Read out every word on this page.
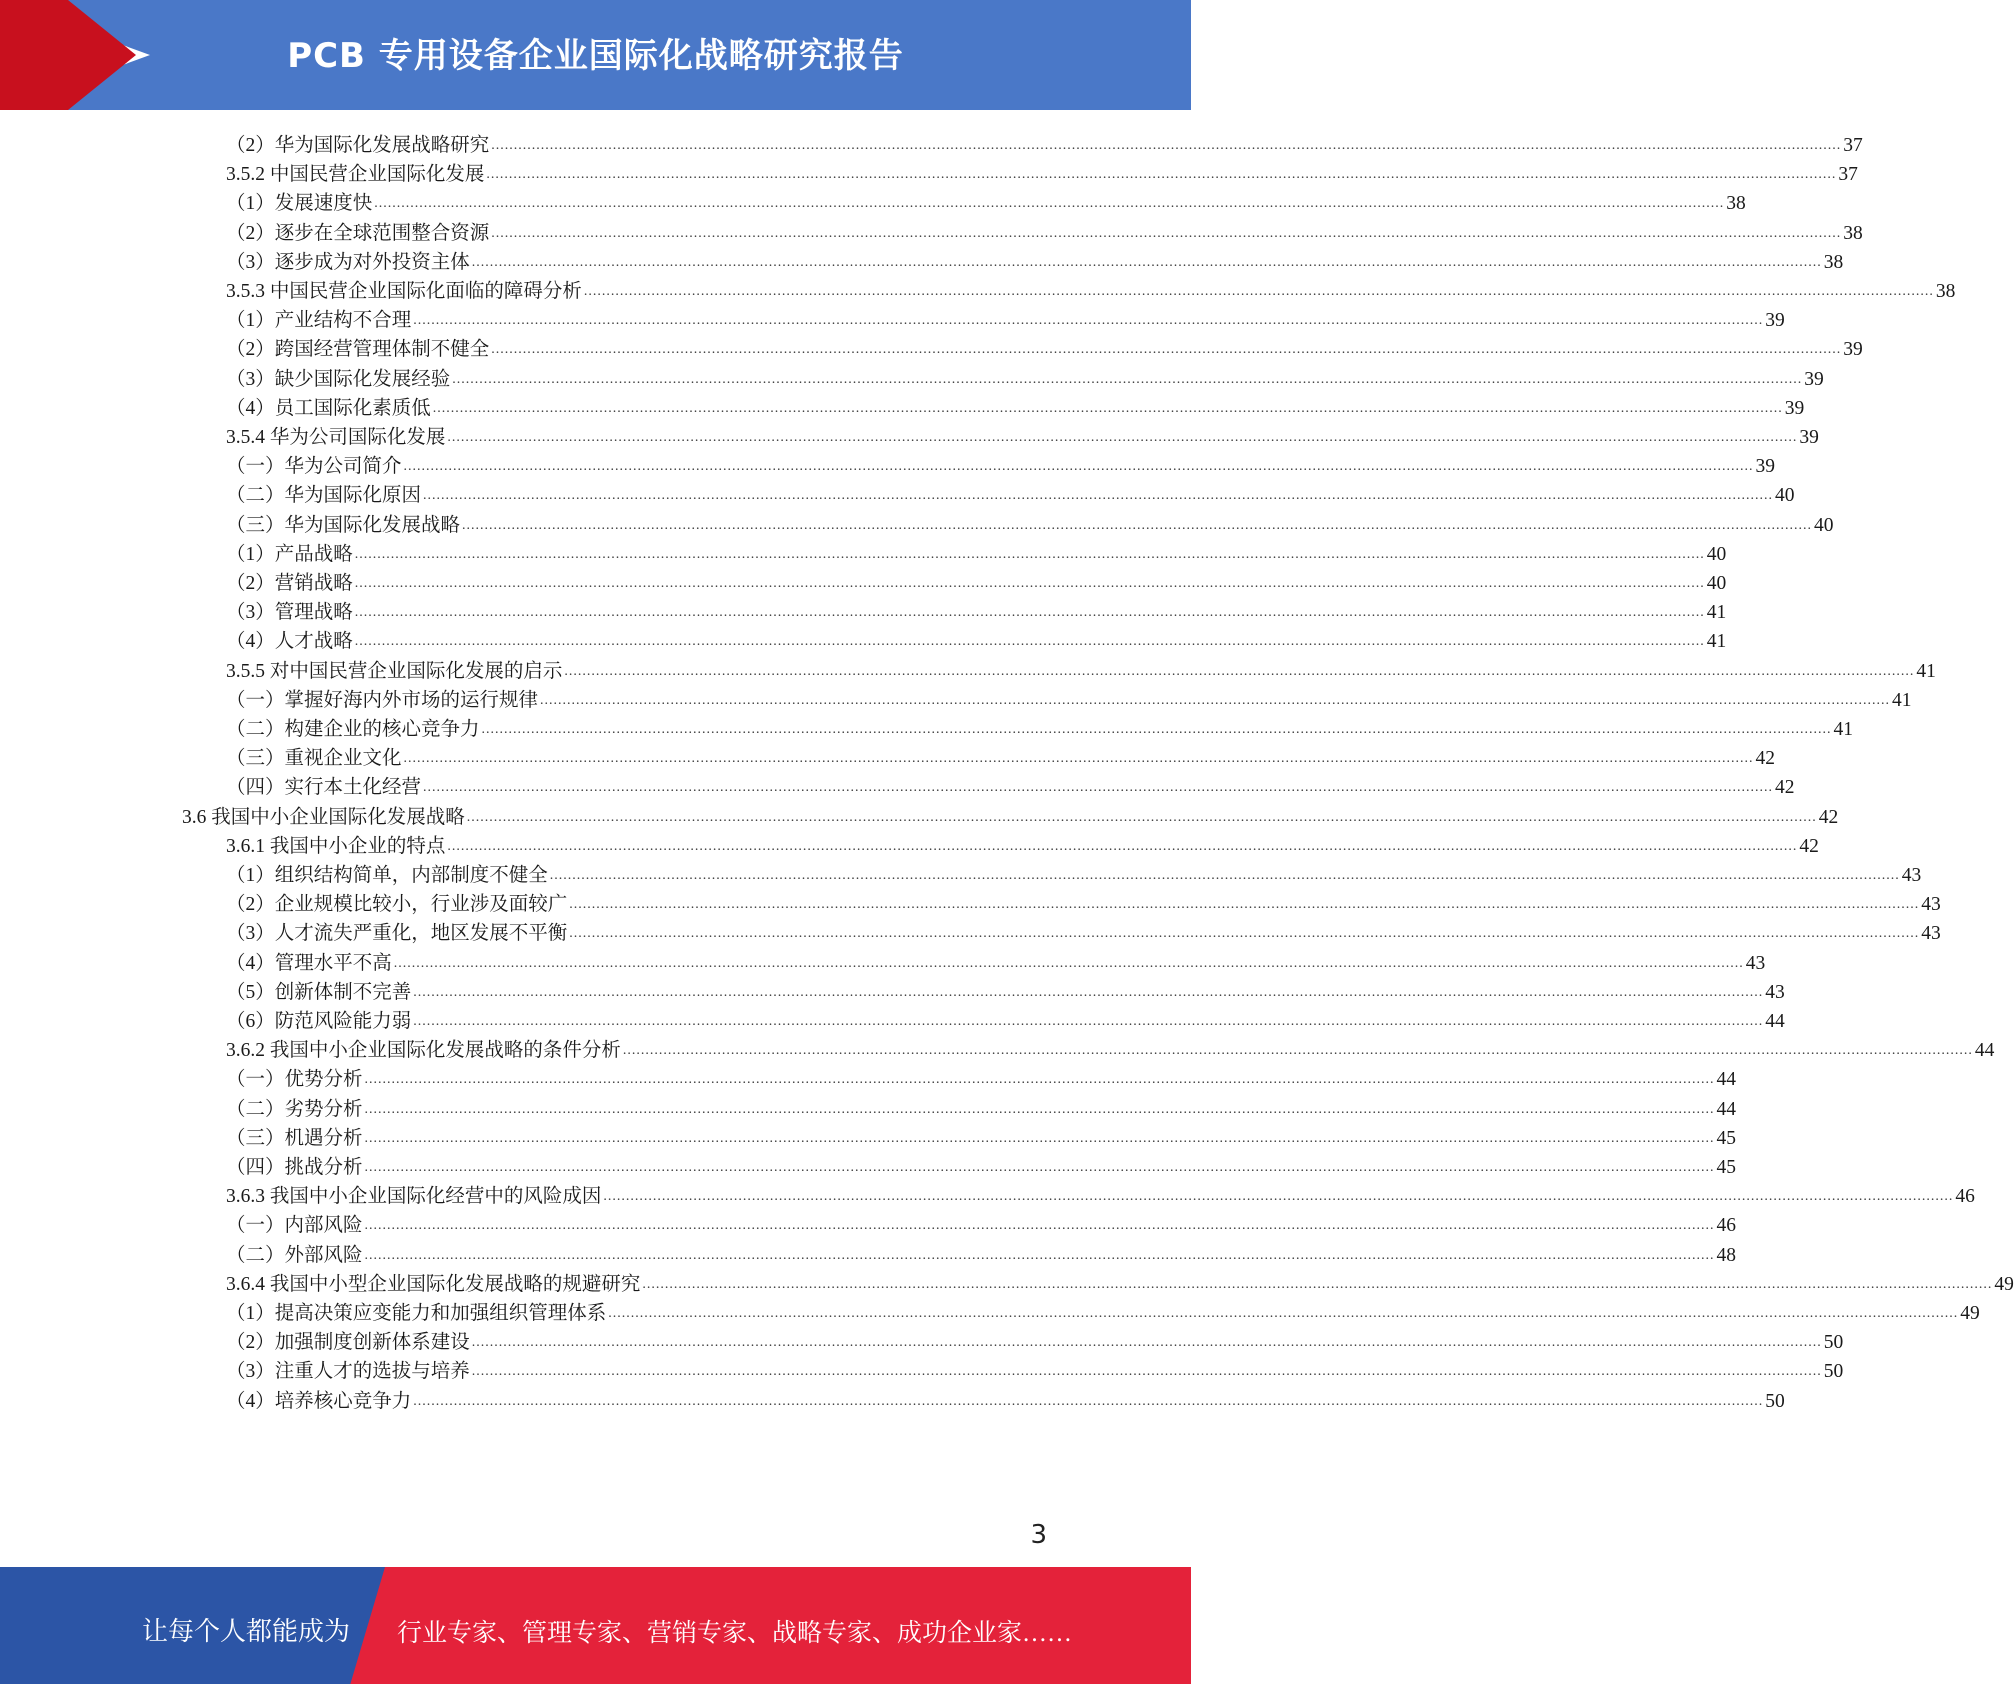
PCB 专用设备企业国际化战略研究报告
（2）华为国际化发展战略研究 ............................................................................................................................................................................................................................................................................................................ 37
3.5.2 中国民营企业国际化发展 ............................................................................................................................................................................................................................................................................................................ 37
（1）发展速度快 ............................................................................................................................................................................................................................................................................................................ 38
（2）逐步在全球范围整合资源 ............................................................................................................................................................................................................................................................................................................ 38
（3）逐步成为对外投资主体 ............................................................................................................................................................................................................................................................................................................ 38
3.5.3 中国民营企业国际化面临的障碍分析 ............................................................................................................................................................................................................................................................................................................ 38
（1）产业结构不合理 ............................................................................................................................................................................................................................................................................................................ 39
（2）跨国经营管理体制不健全 ............................................................................................................................................................................................................................................................................................................ 39
（3）缺少国际化发展经验 ............................................................................................................................................................................................................................................................................................................ 39
（4）员工国际化素质低 ............................................................................................................................................................................................................................................................................................................ 39
3.5.4 华为公司国际化发展 ............................................................................................................................................................................................................................................................................................................ 39
（一）华为公司简介 ............................................................................................................................................................................................................................................................................................................ 39
（二）华为国际化原因 ............................................................................................................................................................................................................................................................................................................ 40
（三）华为国际化发展战略 ............................................................................................................................................................................................................................................................................................................ 40
（1）产品战略 ............................................................................................................................................................................................................................................................................................................ 40
（2）营销战略 ............................................................................................................................................................................................................................................................................................................ 40
（3）管理战略 ............................................................................................................................................................................................................................................................................................................ 41
（4）人才战略 ............................................................................................................................................................................................................................................................................................................ 41
3.5.5 对中国民营企业国际化发展的启示 ............................................................................................................................................................................................................................................................................................................ 41
（一）掌握好海内外市场的运行规律 ............................................................................................................................................................................................................................................................................................................ 41
（二）构建企业的核心竞争力 ............................................................................................................................................................................................................................................................................................................ 41
（三）重视企业文化 ............................................................................................................................................................................................................................................................................................................ 42
（四）实行本土化经营 ............................................................................................................................................................................................................................................................................................................ 42
3.6 我国中小企业国际化发展战略 ............................................................................................................................................................................................................................................................................................................ 42
3.6.1 我国中小企业的特点 ............................................................................................................................................................................................................................................................................................................ 42
（1）组织结构简单，内部制度不健全 ............................................................................................................................................................................................................................................................................................................ 43
（2）企业规模比较小，行业涉及面较广 ............................................................................................................................................................................................................................................................................................................ 43
（3）人才流失严重化，地区发展不平衡 ............................................................................................................................................................................................................................................................................................................ 43
（4）管理水平不高 ............................................................................................................................................................................................................................................................................................................ 43
（5）创新体制不完善 ............................................................................................................................................................................................................................................................................................................ 43
（6）防范风险能力弱 ............................................................................................................................................................................................................................................................................................................ 44
3.6.2 我国中小企业国际化发展战略的条件分析 ............................................................................................................................................................................................................................................................................................................ 44
（一）优势分析 ............................................................................................................................................................................................................................................................................................................ 44
（二）劣势分析 ............................................................................................................................................................................................................................................................................................................ 44
（三）机遇分析 ............................................................................................................................................................................................................................................................................................................ 45
（四）挑战分析 ............................................................................................................................................................................................................................................................................................................ 45
3.6.3 我国中小企业国际化经营中的风险成因 ............................................................................................................................................................................................................................................................................................................ 46
（一）内部风险 ............................................................................................................................................................................................................................................................................................................ 46
（二）外部风险 ............................................................................................................................................................................................................................................................................................................ 48
3.6.4 我国中小型企业国际化发展战略的规避研究 ............................................................................................................................................................................................................................................................................................................ 49
（1）提高决策应变能力和加强组织管理体系 ............................................................................................................................................................................................................................................................................................................ 49
（2）加强制度创新体系建设 ............................................................................................................................................................................................................................................................................................................ 50
（3）注重人才的选拔与培养 ............................................................................................................................................................................................................................................................................................................ 50
（4）培养核心竞争力 ............................................................................................................................................................................................................................................................................................................ 50
3
让每个人都能成为 行业专家、管理专家、营销专家、战略专家、成功企业家……
